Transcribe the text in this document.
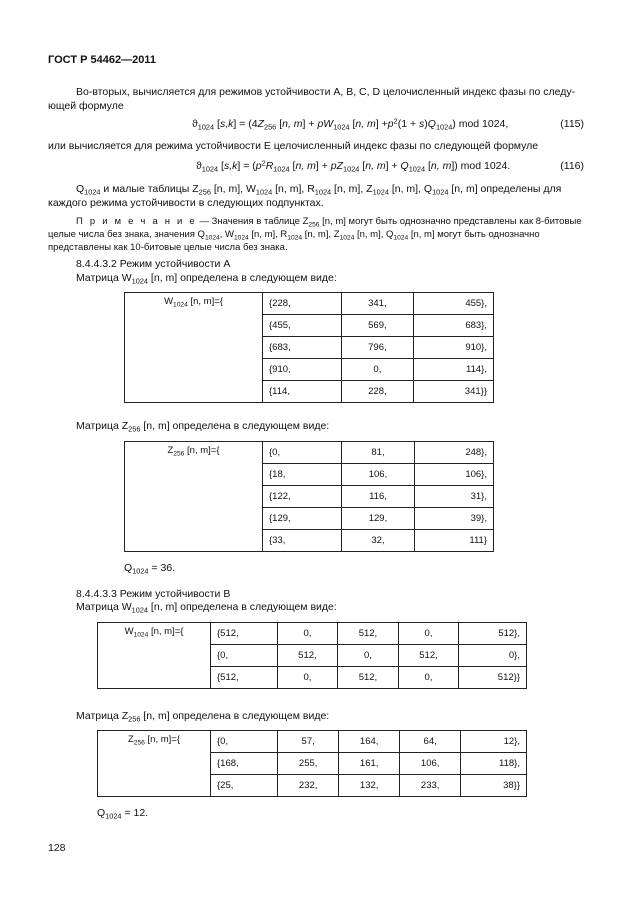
ГОСТ Р 54462—2011
Во-вторых, вычисляется для режимов устойчивости А, В, С, D целочисленный индекс фазы по следу-
ющей формуле
$ϑ_{1024}$ $[s,k] = (4Z_{256}$ [n, $m] + pW_{1024}$ [n, $m] +p^2(1 + s)Q_{1024}$) mod 1024,	(115)
или вычисляется для режима устойчивости Е целочисленный индекс фазы по следующей формуле
$ϑ_{1024}$ $[s,k] = (p^2R_{1024}$ [n, $m] + pZ_{1024}$ [n, $m] + Q_{1024}$ [n, m]) mod 1024.	(116)
$Q_{1024}$ и малые таблицы $Z_{256}$ [n, m], $W_{1024}$ [n, m], $R_{1024}$ [n, m], $Z_{1024}$ [n, m], $Q_{1024}$ [n, m] определены для
каждого режима устойчивости в следующих подпунктах.
П р и м е ч а н и е — Значения в таблице $Z_{256}$ [n, m] могут быть однозначно представлены как 8-битовые
целые числа без знака, значения $Q_{1024}$, $W_{1024}$ [n, m], $R_{1024}$ [n, m], $Z_{1024}$ [n, m], $Q_{1024}$ [n, m] могут быть однозначно
представлены как 10-битовые целые числа без знака.
8.4.4.3.2 Режим устойчивости А
Матрица $W_{1024}$ [n, m] определена в следующем виде:
$W_{1024}$ [n, m]={	{228,	341,	455},
	{455,	569,	683},
	{683,	796,	910},
	{910,	0,	114},
	{114,	228,	341}}
Матрица $Z_{256}$ [n, m] определена в следующем виде:
$Z_{256}$ [n, m]={	{0,	81,	248},
	{18,	106,	106},
	{122,	116,	31},
	{129,	129,	39},
	{33,	32,	111}
$Q_{1024} = 36$.
8.4.4.3.3 Режим устойчивости В
Матрица $W_{1024}$ [n, m] определена в следующем виде:
$W_{1024}$ [n, m]={	{512,	0,	512,	0,	512},
	{0,	512,	0,	512,	0},
	{512,	0,	512,	0,	512}}
Матрица $Z_{256}$ [n, m] определена в следующем виде:
$Z_{256}$ [n, m]={	{0,	57,	164,	64,	12},
	{168,	255,	161,	106,	118},
	{25,	232,	132,	233,	38}}
$Q_{1024} = 12$.
128
